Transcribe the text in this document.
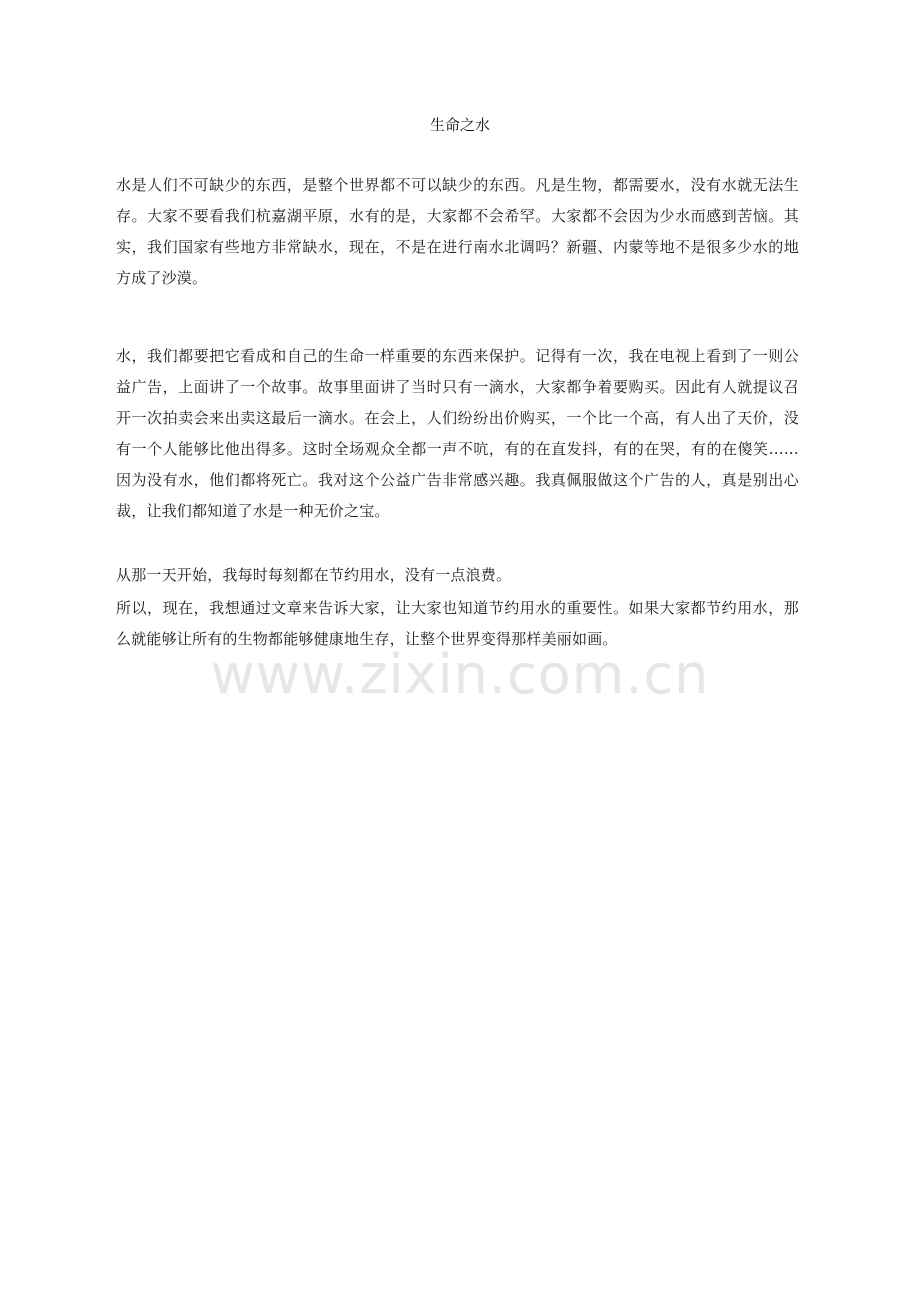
生命之水

水是人们不可缺少的东西，是整个世界都不可以缺少的东西。凡是生物，都需要水，没有水就无法生存。大家不要看我们杭嘉湖平原，水有的是，大家都不会希罕。大家都不会因为少水而感到苦恼。其实，我们国家有些地方非常缺水，现在，不是在进行南水北调吗？新疆、内蒙等地不是很多少水的地方成了沙漠。

水，我们都要把它看成和自己的生命一样重要的东西来保护。记得有一次，我在电视上看到了一则公益广告，上面讲了一个故事。故事里面讲了当时只有一滴水，大家都争着要购买。因此有人就提议召开一次拍卖会来出卖这最后一滴水。在会上，人们纷纷出价购买，一个比一个高，有人出了天价，没有一个人能够比他出得多。这时全场观众全都一声不吭，有的在直发抖，有的在哭，有的在傻笑……因为没有水，他们都将死亡。我对这个公益广告非常感兴趣。我真佩服做这个广告的人，真是别出心裁，让我们都知道了水是一种无价之宝。

从那一天开始，我每时每刻都在节约用水，没有一点浪费。

所以，现在，我想通过文章来告诉大家，让大家也知道节约用水的重要性。如果大家都节约用水，那么就能够让所有的生物都能够健康地生存，让整个世界变得那样美丽如画。

www.zixin.com.cn
